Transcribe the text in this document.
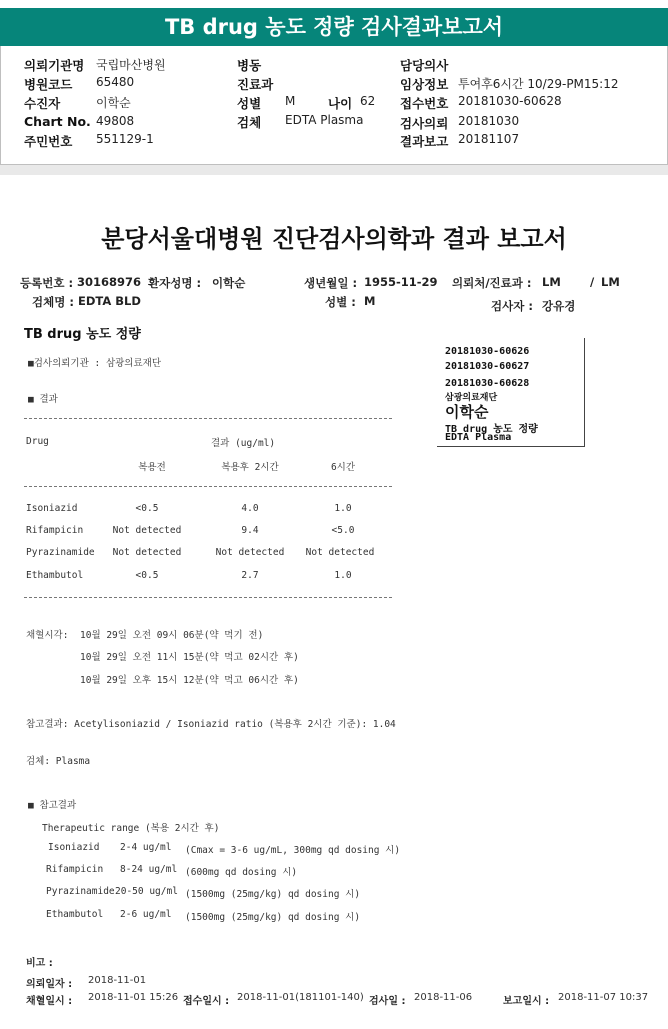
TB drug 농도 정량 검사결과보고서
의뢰기관명 국립마산병원
병원코드 65480
수진자	이학순
Chart No. 49808
주민번호 551129-1
병동
진료과
성별 M	나이 62
검체 EDTA Plasma
담당의사
임상정보 투여후6시간 10/29-PM15:12
접수번호 20181030-60628
검사의뢰 20181030
결과보고 20181107
분당서울대병원 진단검사의학과 결과 보고서
등록번호 : 30168976 환자성명 : 이학순	생년월일 : 1955-11-29 의뢰처/진료과 : LM	/ LM
검체명 : EDTA BLD	성별 : M	검사자 : 강유경
TB drug 농도 정량
■검사의뢰기관 : 삼광의료재단
■ 결과
Drug	결과 (ug/ml)
복용전	복용후 2시간	6시간
Isoniazid	<0.5	4.0	1.0
Rifampicin	Not detected	9.4	<5.0
Pyrazinamide	Not detected	Not detected	Not detected
Ethambutol	<0.5	2.7	1.0
채혈시각: 10월 29일 오전 09시 06분(약 먹기 전)
10월 29일 오전 11시 15분(약 먹고 02시간 후)
10월 29일 오후 15시 12분(약 먹고 06시간 후)
참고결과: Acetylisoniazid / Isoniazid ratio (복용후 2시간 기준): 1.04
검체: Plasma
■ 참고결과
Therapeutic range (복용 2시간 후)
Isoniazid 2-4 ug/ml (Cmax = 3-6 ug/mL, 300mg qd dosing 시)
Rifampicin 8-24 ug/ml (600mg qd dosing 시)
Pyrazinamide 20-50 ug/ml (1500mg (25mg/kg) qd dosing 시)
Ethambutol 2-6 ug/ml (1500mg (25mg/kg) qd dosing 시)
20181030-60626
20181030-60627
20181030-60628
삼광의료재단
이학순
TB drug 농도 정량
EDTA Plasma
비고 :
의뢰일자 : 2018-11-01
채혈일시 : 2018-11-01 15:26 접수일시 : 2018-11-01(181101-140) 검사일 : 2018-11-06	보고일시 : 2018-11-07 10:37
